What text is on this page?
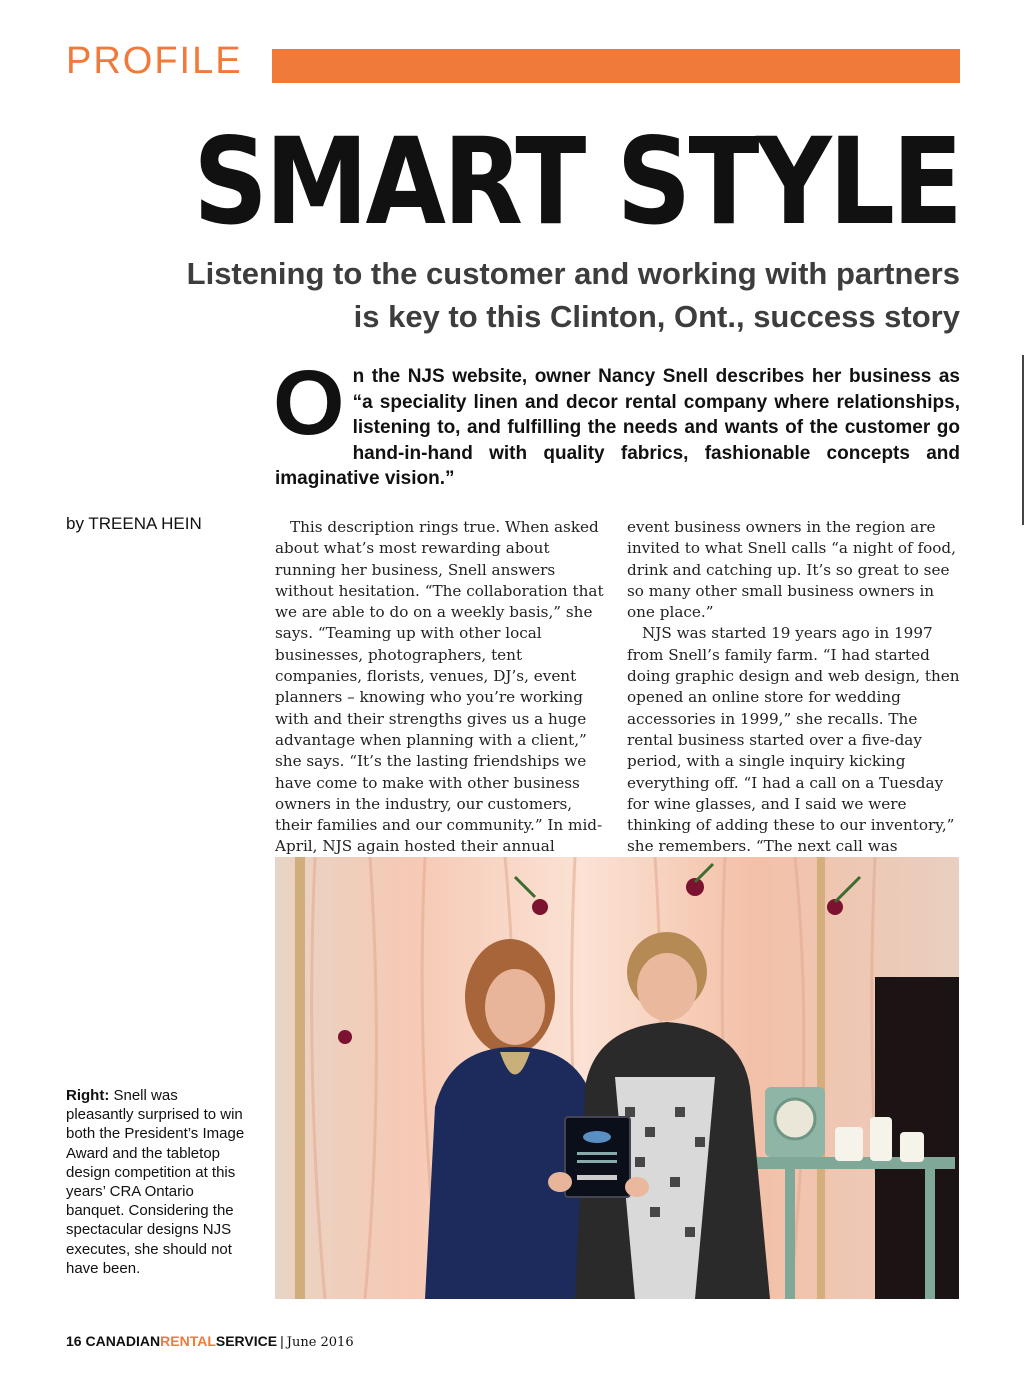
PROFILE
SMART STYLE
Listening to the customer and working with partners
is key to this Clinton, Ont., success story
On the NJS website, owner Nancy Snell describes her business as “a speciality linen and decor rental company where relationships, listening to, and fulfilling the needs and wants of the customer go hand-in-hand with quality fabrics, fashionable concepts and imaginative vision.”
by TREENA HEIN	This description rings true. When asked about what’s most rewarding about running her business, Snell answers without hesitation. “The collaboration that we are able to do on a weekly basis,” she says. “Teaming up with other local businesses, photographers, tent companies, florists, venues, DJ’s, event planners – knowing who you’re working with and their strengths gives us a huge advantage when planning with a client,” she says. “It’s the lasting friendships we have come to make with other business owners in the industry, our customers, their families and our community.” In mid-April, NJS again hosted their annual

event business owners in the region are invited to what Snell calls “a night of food, drink and catching up. It’s so great to see so many other small business owners in one place.”

NJS was started 19 years ago in 1997 from Snell’s family farm. “I had started doing graphic design and web design, then opened an online store for wedding accessories in 1999,” she recalls. The rental business started over a five-day period, with a single inquiry kicking everything off. “I had a call on a Tuesday for wine glasses, and I said we were thinking of adding these to our inventory,” she remembers. “The next call was

Right: Snell was pleasantly surprised to win both the President’s Image Award and the tabletop design competition at this years’ CRA Ontario banquet. Considering the spectacular designs NJS executes, she should not have been.
16 CANADIANRENTALSERVICE | June 2016
